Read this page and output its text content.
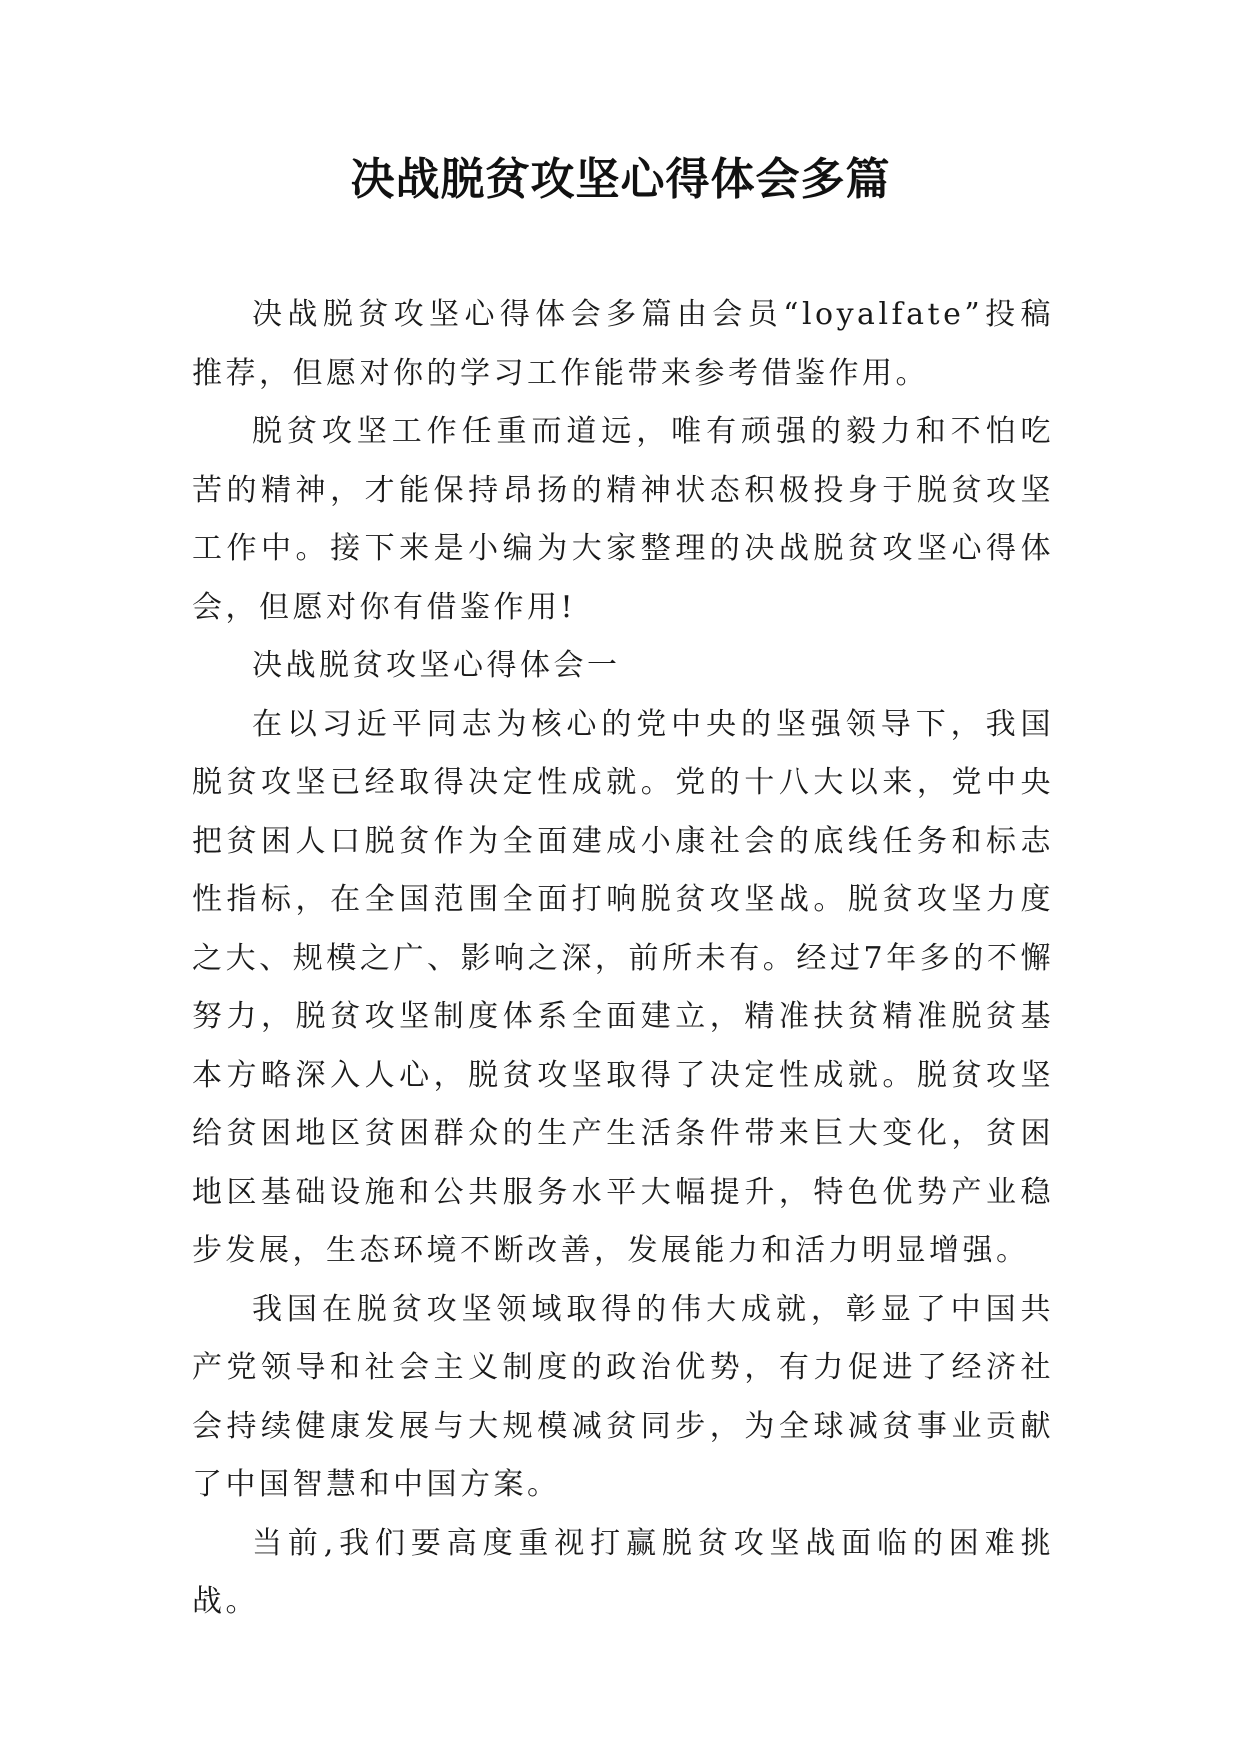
决战脱贫攻坚心得体会多篇

决战脱贫攻坚心得体会多篇由会员“loyalfate”投稿推荐，但愿对你的学习工作能带来参考借鉴作用。

脱贫攻坚工作任重而道远，唯有顽强的毅力和不怕吃苦的精神，才能保持昂扬的精神状态积极投身于脱贫攻坚工作中。接下来是小编为大家整理的决战脱贫攻坚心得体会，但愿对你有借鉴作用!

决战脱贫攻坚心得体会一

在以习近平同志为核心的党中央的坚强领导下，我国脱贫攻坚已经取得决定性成就。党的十八大以来，党中央把贫困人口脱贫作为全面建成小康社会的底线任务和标志性指标，在全国范围全面打响脱贫攻坚战。脱贫攻坚力度之大、规模之广、影响之深，前所未有。经过7年多的不懈努力，脱贫攻坚制度体系全面建立，精准扶贫精准脱贫基本方略深入人心，脱贫攻坚取得了决定性成就。脱贫攻坚给贫困地区贫困群众的生产生活条件带来巨大变化，贫困地区基础设施和公共服务水平大幅提升，特色优势产业稳步发展，生态环境不断改善，发展能力和活力明显增强。

我国在脱贫攻坚领域取得的伟大成就，彰显了中国共产党领导和社会主义制度的政治优势，有力促进了经济社会持续健康发展与大规模减贫同步，为全球减贫事业贡献了中国智慧和中国方案。

当前,我们要高度重视打赢脱贫攻坚战面临的困难挑战。
